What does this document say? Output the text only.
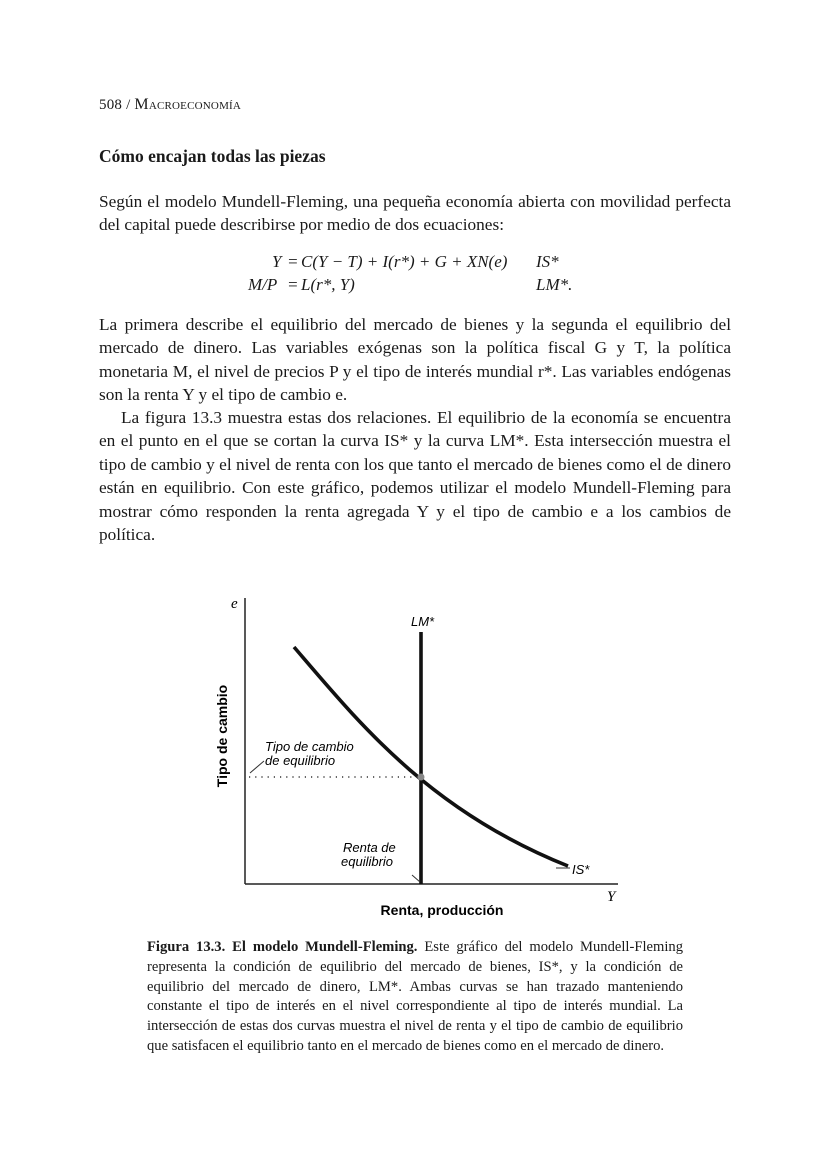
508 / Macroeconomía
Cómo encajan todas las piezas
Según el modelo Mundell-Fleming, una pequeña economía abierta con movilidad perfecta del capital puede describirse por medio de dos ecuaciones:
Y = C(Y − T) + I(r*) + G + XN(e) IS*
M/P = L(r*, Y)	LM*.
La primera describe el equilibrio del mercado de bienes y la segunda el equilibrio del mercado de dinero. Las variables exógenas son la política fiscal G y T, la política monetaria M, el nivel de precios P y el tipo de interés mundial r*. Las variables endógenas son la renta Y y el tipo de cambio e.
La figura 13.3 muestra estas dos relaciones. El equilibrio de la economía se encuentra en el punto en el que se cortan la curva IS* y la curva LM*. Esta intersección muestra el tipo de cambio y el nivel de renta con los que tanto el mercado de bienes como el de dinero están en equilibrio. Con este gráfico, podemos utilizar el modelo Mundell-Fleming para mostrar cómo responden la renta agregada Y y el tipo de cambio e a los cambios de política.
e
Y
Tipo de cambio
Renta, producción
LM*
IS*
Tipo de cambio
de equilibrio
Renta de
equilibrio
Figura 13.3. El modelo Mundell-Fleming. Este gráfico del modelo Mundell-Fleming representa la condición de equilibrio del mercado de bienes, IS*, y la condición de equilibrio del mercado de dinero, LM*. Ambas curvas se han trazado manteniendo constante el tipo de interés en el nivel correspondiente al tipo de interés mundial. La intersección de estas dos curvas muestra el nivel de renta y el tipo de cambio de equilibrio que satisfacen el equilibrio tanto en el mercado de bienes como en el mercado de dinero.
